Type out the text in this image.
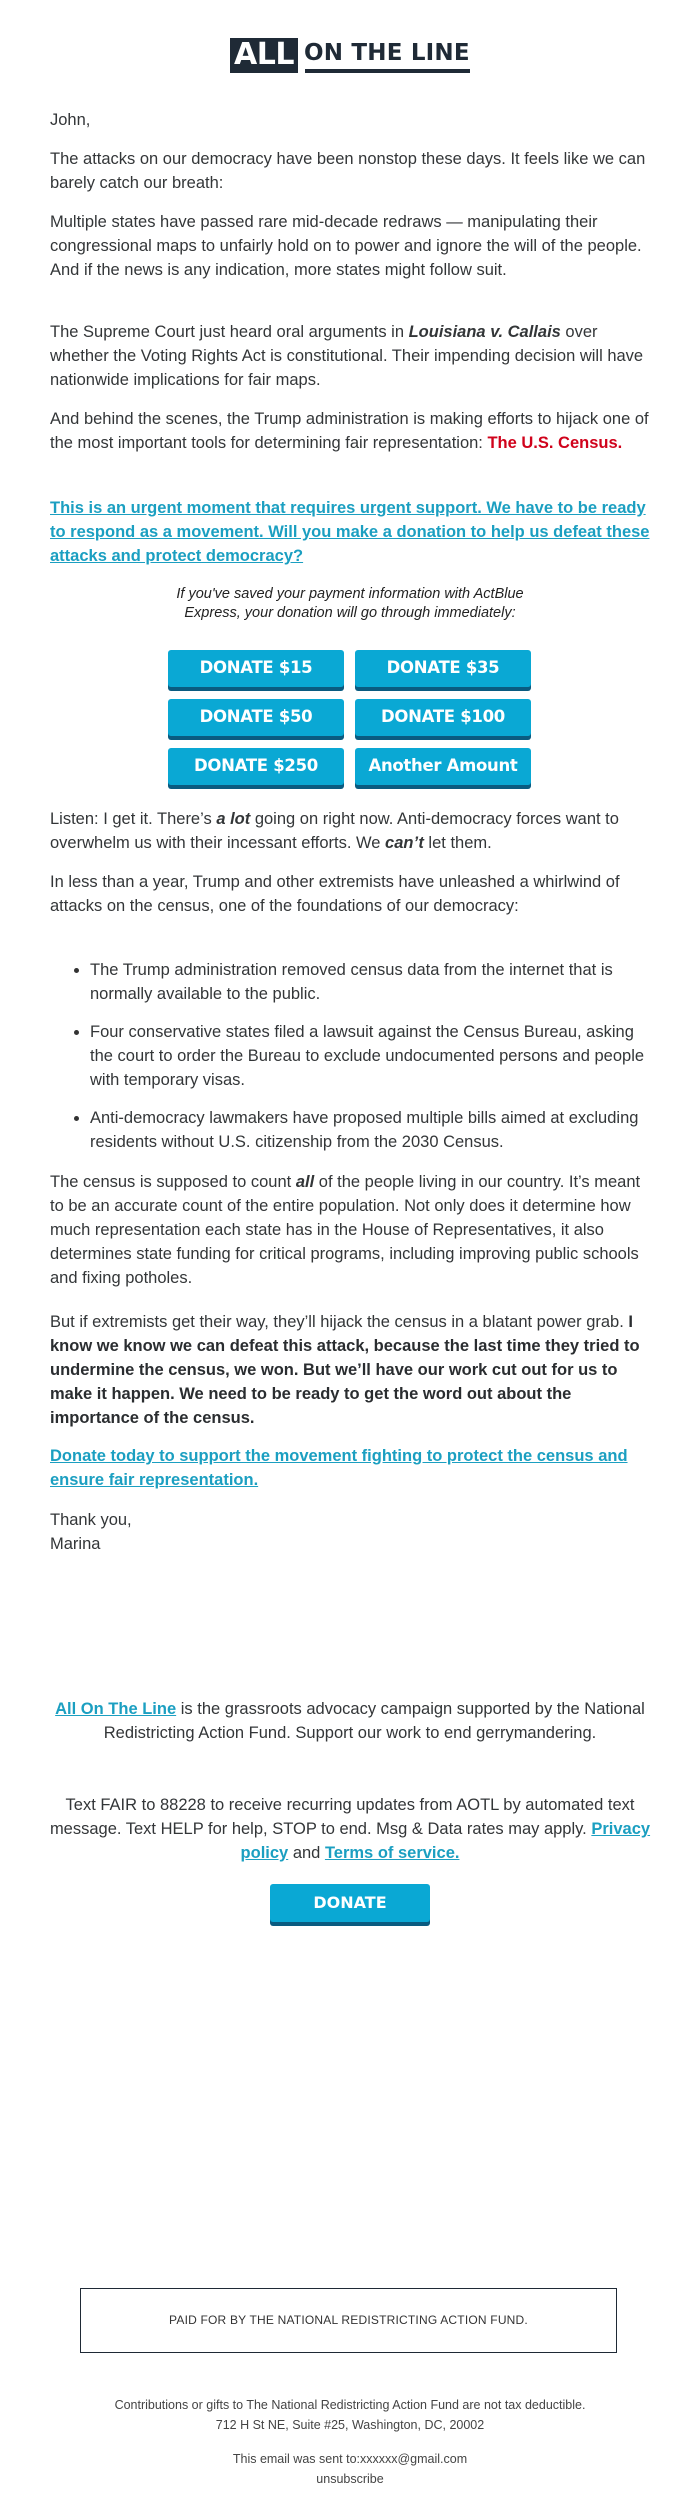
ALL ON THE LINE

John,

The attacks on our democracy have been nonstop these days. It feels like we can barely catch our breath:

Multiple states have passed rare mid-decade redraws — manipulating their congressional maps to unfairly hold on to power and ignore the will of the people. And if the news is any indication, more states might follow suit.

The Supreme Court just heard oral arguments in Louisiana v. Callais over whether the Voting Rights Act is constitutional. Their impending decision will have nationwide implications for fair maps.

And behind the scenes, the Trump administration is making efforts to hijack one of the most important tools for determining fair representation: The U.S. Census.

This is an urgent moment that requires urgent support. We have to be ready to respond as a movement. Will you make a donation to help us defeat these attacks and protect democracy?

If you've saved your payment information with ActBlue Express, your donation will go through immediately:
DONATE $15	DONATE $35
DONATE $50	DONATE $100
DONATE $250	Another Amount

Listen: I get it. There’s a lot going on right now. Anti-democracy forces want to overwhelm us with their incessant efforts. We can’t let them.

In less than a year, Trump and other extremists have unleashed a whirlwind of attacks on the census, one of the foundations of our democracy:

The Trump administration removed census data from the internet that is normally available to the public.
Four conservative states filed a lawsuit against the Census Bureau, asking the court to order the Bureau to exclude undocumented persons and people with temporary visas.
Anti-democracy lawmakers have proposed multiple bills aimed at excluding residents without U.S. citizenship from the 2030 Census.

The census is supposed to count all of the people living in our country. It’s meant to be an accurate count of the entire population. Not only does it determine how much representation each state has in the House of Representatives, it also determines state funding for critical programs, including improving public schools and fixing potholes.

But if extremists get their way, they’ll hijack the census in a blatant power grab. I know we know we can defeat this attack, because the last time they tried to undermine the census, we won. But we’ll have our work cut out for us to make it happen. We need to be ready to get the word out about the importance of the census.

Donate today to support the movement fighting to protect the census and ensure fair representation.

Thank you,

Marina

All On The Line is the grassroots advocacy campaign supported by the National Redistricting Action Fund. Support our work to end gerrymandering.

Text FAIR to 88228 to receive recurring updates from AOTL by automated text message. Text HELP for help, STOP to end. Msg & Data rates may apply. Privacy policy and Terms of service.

DONATE
PAID FOR BY THE NATIONAL REDISTRICTING ACTION FUND.
Contributions or gifts to The National Redistricting Action Fund are not tax deductible.
712 H St NE, Suite #25, Washington, DC, 20002
This email was sent to:xxxxxx@gmail.com
unsubscribe
